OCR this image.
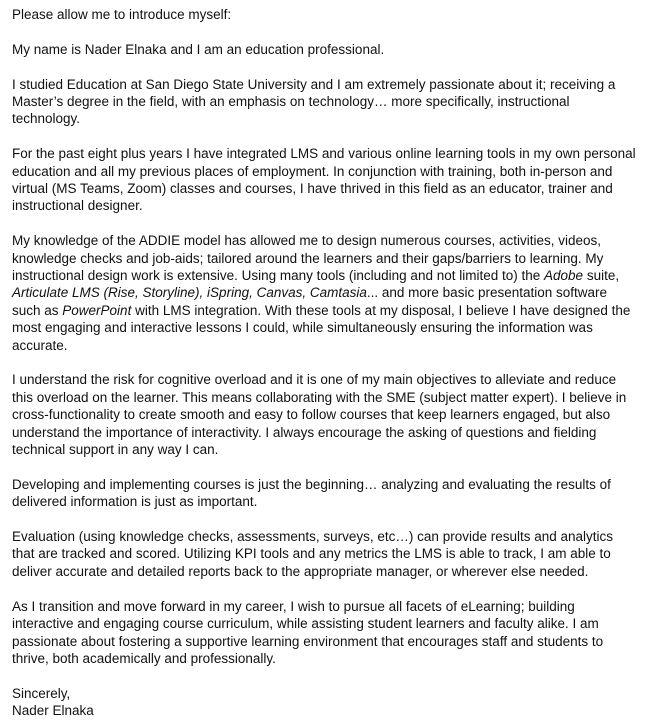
Please allow me to introduce myself:

My name is Nader Elnaka and I am an education professional.

I studied Education at San Diego State University and I am extremely passionate about it; receiving a Master’s degree in the field, with an emphasis on technology… more specifically, instructional technology.

For the past eight plus years I have integrated LMS and various online learning tools in my own personal education and all my previous places of employment. In conjunction with training, both in-person and virtual (MS Teams, Zoom) classes and courses, I have thrived in this field as an educator, trainer and instructional designer.

My knowledge of the ADDIE model has allowed me to design numerous courses, activities, videos, knowledge checks and job-aids; tailored around the learners and their gaps/barriers to learning. My instructional design work is extensive. Using many tools (including and not limited to) the Adobe suite, Articulate LMS (Rise, Storyline), iSpring, Canvas, Camtasia... and more basic presentation software such as PowerPoint with LMS integration. With these tools at my disposal, I believe I have designed the most engaging and interactive lessons I could, while simultaneously ensuring the information was accurate.

I understand the risk for cognitive overload and it is one of my main objectives to alleviate and reduce this overload on the learner. This means collaborating with the SME (subject matter expert). I believe in cross-functionality to create smooth and easy to follow courses that keep learners engaged, but also understand the importance of interactivity. I always encourage the asking of questions and fielding technical support in any way I can.

Developing and implementing courses is just the beginning… analyzing and evaluating the results of delivered information is just as important.

Evaluation (using knowledge checks, assessments, surveys, etc…) can provide results and analytics that are tracked and scored. Utilizing KPI tools and any metrics the LMS is able to track, I am able to deliver accurate and detailed reports back to the appropriate manager, or wherever else needed.

As I transition and move forward in my career, I wish to pursue all facets of eLearning; building interactive and engaging course curriculum, while assisting student learners and faculty alike. I am passionate about fostering a supportive learning environment that encourages staff and students to thrive, both academically and professionally.

Sincerely,

Nader Elnaka
